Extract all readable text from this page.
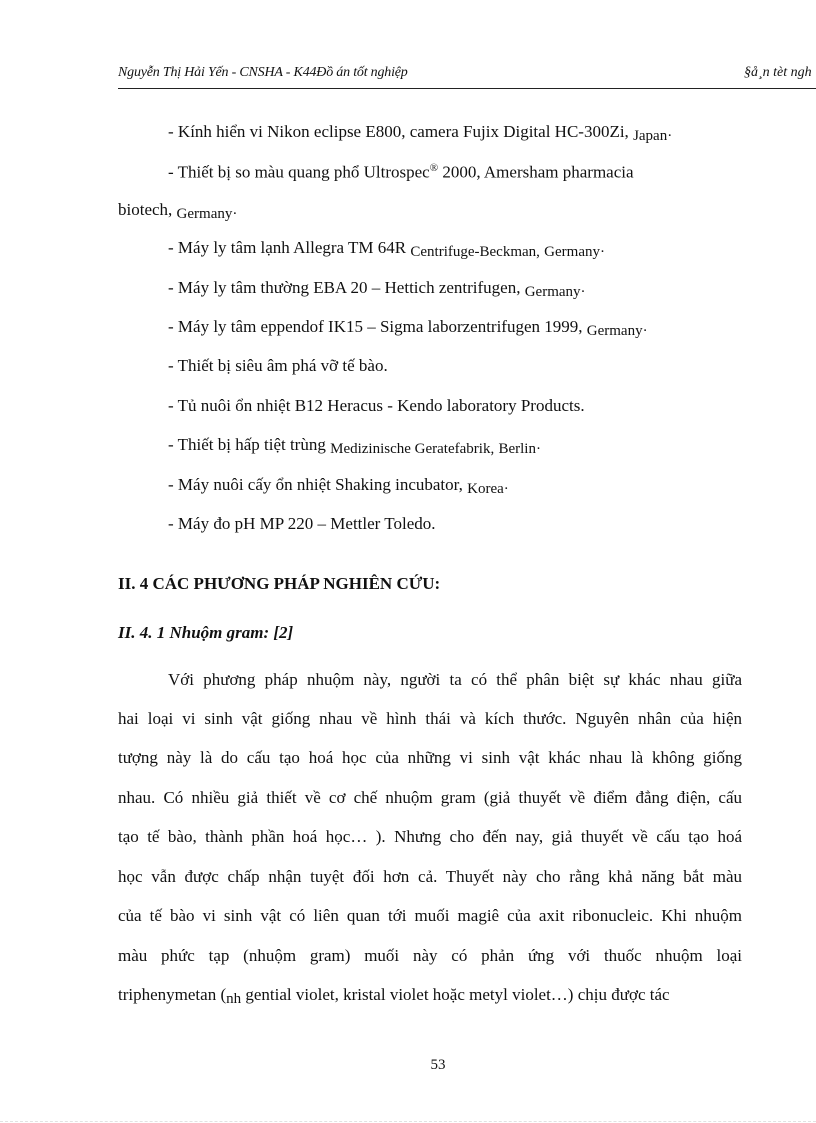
Nguyễn Thị Hải Yến - CNSHA - K44Đồ án tốt nghiệp	§å¸n tèt ngh
- Kính hiển vi Nikon eclipse E800, camera Fujix Digital HC-300Zi, Japan·
- Thiết bị so màu quang phổ Ultrospec® 2000, Amersham pharmacia
biotech, Germany·
- Máy ly tâm lạnh Allegra TM 64R Centrifuge-Beckman, Germany·
- Máy ly tâm thường EBA 20 – Hettich zentrifugen, Germany·
- Máy ly tâm eppendof IK15 – Sigma laborzentrifugen 1999, Germany·
- Thiết bị siêu âm phá vỡ tế bào.
- Tủ nuôi ổn nhiệt B12 Heracus - Kendo laboratory Products.
- Thiết bị hấp tiệt trùng Medizinische Geratefabrik, Berlin·
- Máy nuôi cấy ổn nhiệt Shaking incubator, Korea·
- Máy đo pH MP 220 – Mettler Toledo.
II. 4 CÁC PHƯƠNG PHÁP NGHIÊN CỨU:
II. 4. 1 Nhuộm gram: [2]
Với phương pháp nhuộm này, người ta có thể phân biệt sự khác nhau giữa
hai loại vi sinh vật giống nhau về hình thái và kích thước. Nguyên nhân của hiện
tượng này là do cấu tạo hoá học của những vi sinh vật khác nhau là không giống
nhau. Có nhiều giả thiết về cơ chế nhuộm gram (giả thuyết về điểm đẳng điện, cấu
tạo tế bào, thành phần hoá học… ). Nhưng cho đến nay, giả thuyết về cấu tạo hoá
học vẫn được chấp nhận tuyệt đối hơn cả. Thuyết này cho rằng khả năng bắt màu
của tế bào vi sinh vật có liên quan tới muối magiê của axit ribonucleic. Khi nhuộm
màu phức tạp (nhuộm gram) muối này có phản ứng với thuốc nhuộm loại
triphenymetan (nh gential violet, kristal violet hoặc metyl violet…) chịu được tác
53
